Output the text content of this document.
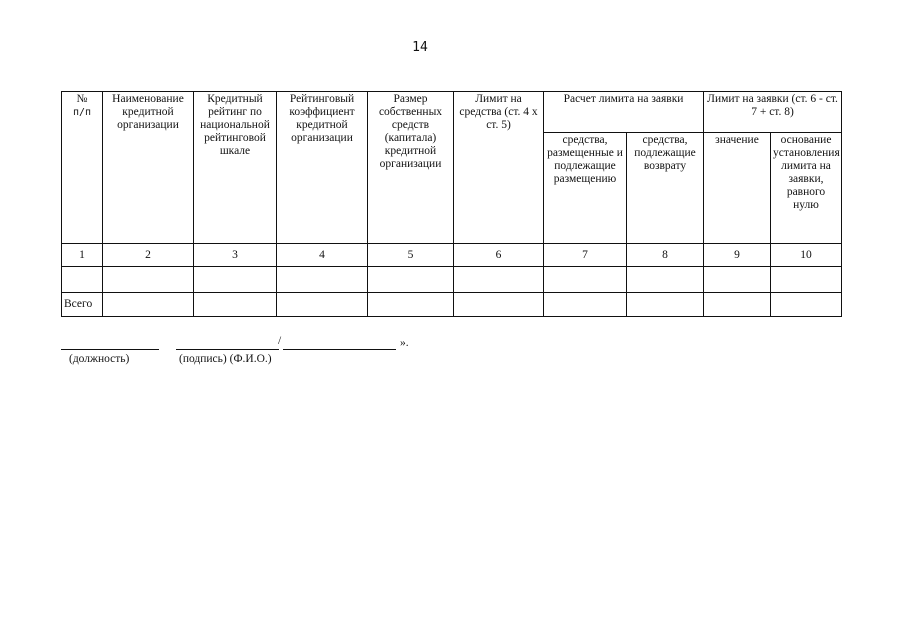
14
№
п/п	Наименование кредитной организации	Кредитный рейтинг по национальной рейтинговой шкале	Рейтинговый коэффициент кредитной организации	Размер собственных средств (капитала) кредитной организации	Лимит на средства (ст. 4 х ст. 5)	Расчет лимита на заявки		Лимит на заявки (ст. 6 - ст. 7 + ст. 8)	
						средства, размещенные и подлежащие размещению	средства, подлежащие возврату	значение	основание установления лимита на заявки, равного нулю
1	2	3	4	5	6	7	8	9	10

Всего									
/	».
(должность)	(подпись) (Ф.И.О.)
